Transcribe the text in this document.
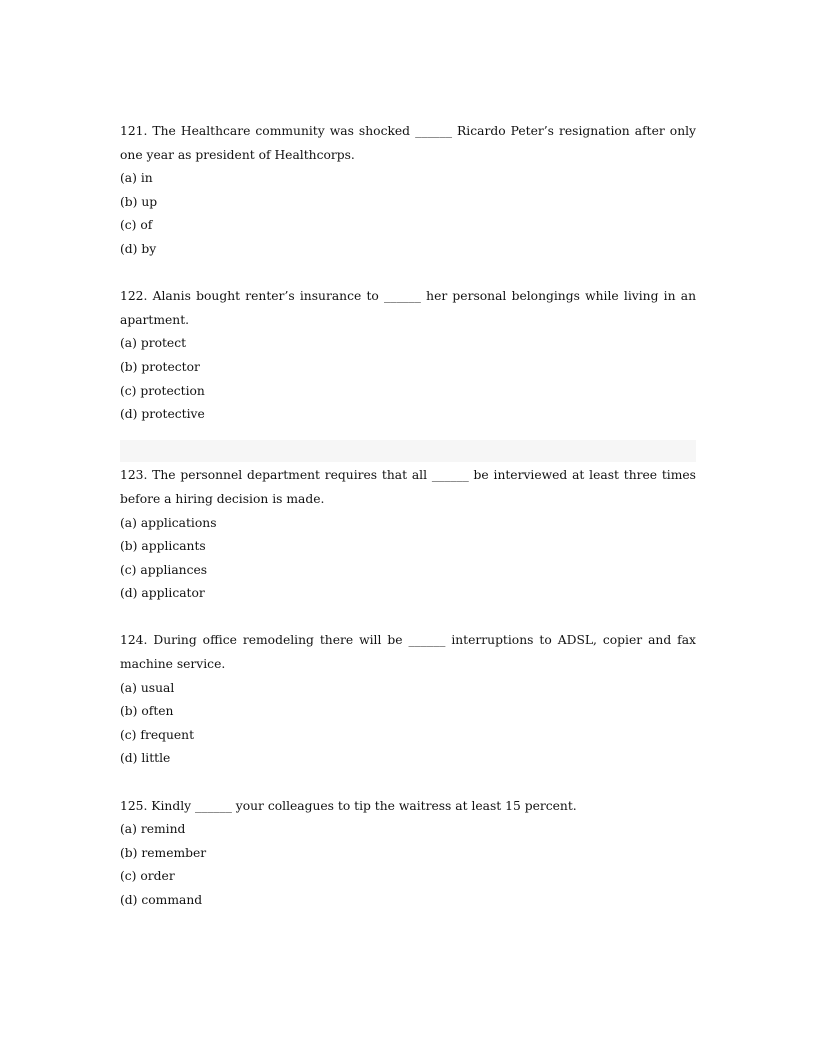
121. The Healthcare community was shocked ______ Ricardo Peter’s resignation after only one year as president of Healthcorps.

(a) in

(b) up

(c) of

(d) by

122. Alanis bought renter’s insurance to ______ her personal belongings while living in an apartment.

(a) protect

(b) protector

(c) protection

(d) protective

123. The personnel department requires that all ______ be interviewed at least three times before a hiring decision is made.

(a) applications

(b) applicants

(c) appliances

(d) applicator

124. During office remodeling there will be ______ interruptions to ADSL, copier and fax machine service.

(a) usual

(b) often

(c) frequent

(d) little

125. Kindly ______ your colleagues to tip the waitress at least 15 percent.

(a) remind

(b) remember

(c) order

(d) command
